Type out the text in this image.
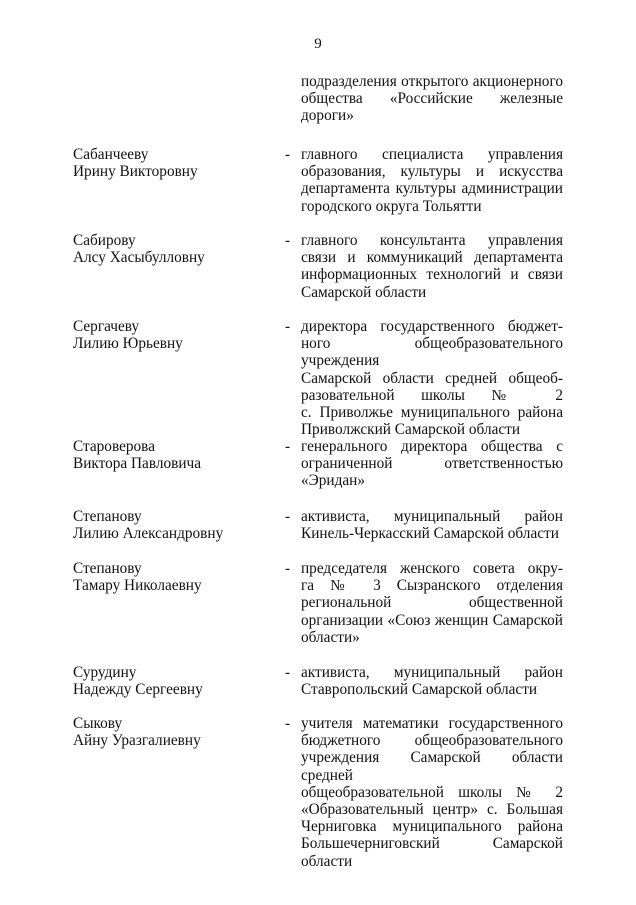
9
подразделения открытого акционерного
общества «Российские железные
дороги»
Сабанчееву
Ирину Викторовну
- главного специалиста управления
образования, культуры и искусства
департамента культуры администрации
городского округа Тольятти
Сабирову
Алсу Хасыбулловну
- главного консультанта управления
связи и коммуникаций департамента
информационных технологий и связи
Самарской области
Сергачеву
Лилию Юрьевну
- директора государственного бюджет-
ного общеобразовательного учреждения
Самарской области средней общеоб-
разовательной школы № 2
с. Приволжье муниципального района
Приволжский Самарской области
Староверова
Виктора Павловича
- генерального директора общества с
ограниченной ответственностью
«Эридан»
Степанову
Лилию Александровну
- активиста, муниципальный район
Кинель-Черкасский Самарской области
Степанову
Тамару Николаевну
- председателя женского совета окру-
га № 3 Сызранского отделения
региональной общественной
организации «Союз женщин Самарской
области»
Сурудину
Надежду Сергеевну
- активиста, муниципальный район
Ставропольский Самарской области
Сыкову
Айну Уразгалиевну
- учителя математики государственного
бюджетного общеобразовательного
учреждения Самарской области средней
общеобразовательной школы № 2
«Образовательный центр» с. Большая
Черниговка муниципального района
Большечерниговский Самарской
области
